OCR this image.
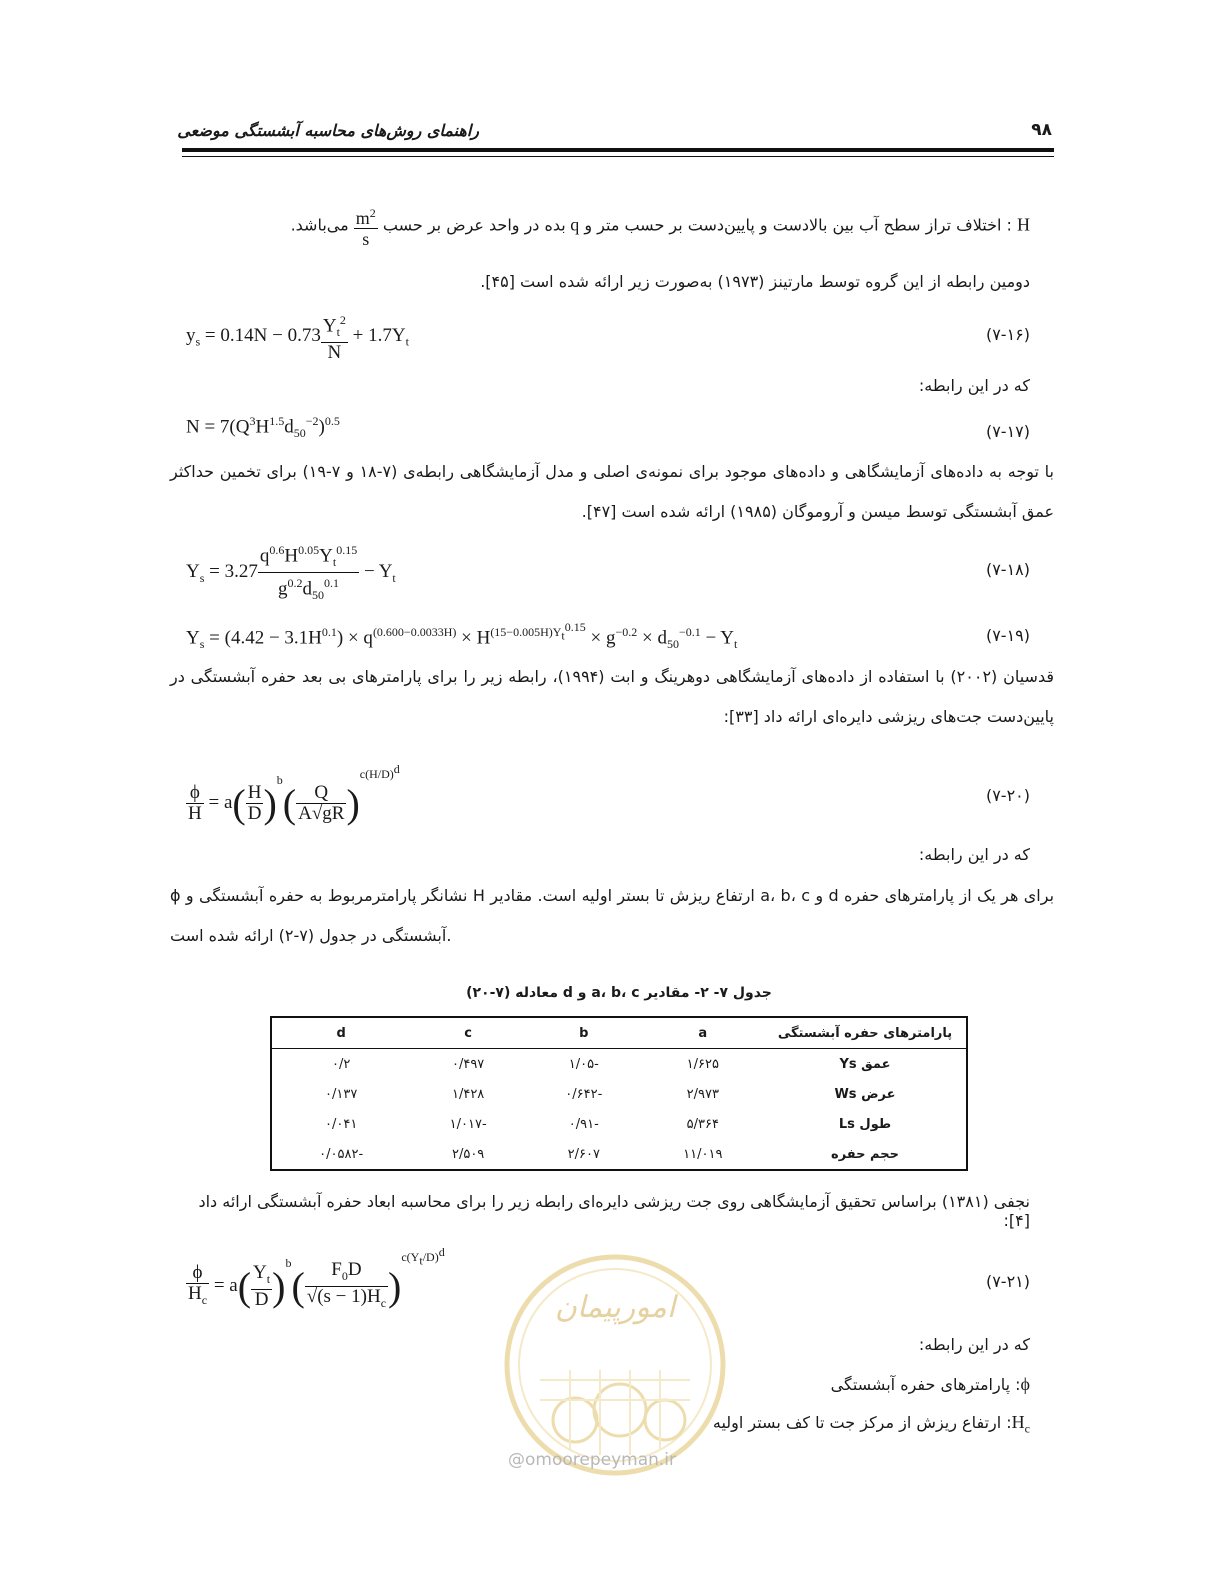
راهنمای روش‌های محاسبه آبشستگی موضعی	۹۸
H : اختلاف تراز سطح آب بین بالادست و پایین‌دست بر حسب متر و q بده در واحد عرض بر حسب
$\frac{m^2}{s}$
می‌باشد.
دومین رابطه از این گروه توسط مارتینز (۱۹۷۳) به‌صورت زیر ارائه شده است [۴۵].
$y_s = 0.14N - 0.73 \frac{Y_t^2}{N} + 1.7Y_t$	(۷-۱۶)
که در این رابطه:
$N = 7(Q^3H^{1.5}d_{50}^{-2})^{0.5}$
(۷-۱۷)
با توجه به داده‌های آزمایشگاهی و داده‌های موجود برای نمونه‌ی اصلی و مدل آزمایشگاهی رابطه‌ی (۷-۱۸ و ۷-۱۹) برای تخمین حداکثر عمق آبشستگی توسط میسن و آروموگان (۱۹۸۵) ارائه شده است [۴۷].
$Y_s = 3.27 \frac{q^{0.6}H^{0.05}Y_t^{0.15}}{g^{0.2}d_{50}^{0.1}} - Y_t$	(۷-۱۸)
$Y_s = (4.42 - 3.1H^{0.1}) \times q^{(0.600-0.0033H)} \times H^{(15-0.005H)Y_t^{0.15}} \times g^{-0.2} \times d_{50}^{-0.1} - Y_t$	(۷-۱۹)
قدسیان (۲۰۰۲) با استفاده از داده‌های آزمایشگاهی دوهرینگ و ابت (۱۹۹۴)، رابطه زیر را برای پارامترهای بی بعد حفره آبشستگی در پایین‌دست جت‌های ریزشی دایره‌ای ارائه داد [۳۳]:
$\frac{\phi}{H} = a( \frac{H}{D} )^b( \frac{Q}{A√gR} )^{c(H/D)^d}$
(۷-۲۰)
که در این رابطه:
ϕ نشانگر پارامترمربوط به حفره آبشستگی و H ارتفاع ریزش تا بستر اولیه است. مقادیر a، b، c و d برای هر یک از پارامترهای حفره آبشستگی در جدول (۷-۲) ارائه شده است.
جدول ۷- ۲- مقادیر a، b، c و d معادله (۷-۲۰)
پارامترهای حفره آبشستگی	a	b	c	d
عمق Ys	۱/۶۲۵	-۱/۰۵	۰/۴۹۷	۰/۲
عرض Ws	۲/۹۷۳	-۰/۶۴۲	۱/۴۲۸	۰/۱۳۷
طول Ls	۵/۳۶۴	-۰/۹۱	-۱/۰۱۷	۰/۰۴۱
حجم حفره	۱۱/۰۱۹	۲/۶۰۷	۲/۵۰۹	-۰/۰۵۸۲
نجفی (۱۳۸۱) براساس تحقیق آزمایشگاهی روی جت ریزشی دایره‌ای رابطه زیر را برای محاسبه ابعاد حفره آبشستگی ارائه داد [۴]:
امورپیمان
$\frac{\phi}{H_c} = a( \frac{Y_t}{D} )^b( \frac{F_0D}{√(s - 1)H_c} )^{c(Y_t/D)^d}$
(۷-۲۱)
که در این رابطه:
ϕ: پارامترهای حفره آبشستگی
$H_c$: ارتفاع ریزش از مرکز جت تا کف بستر اولیه
@omoorepeyman.ir
